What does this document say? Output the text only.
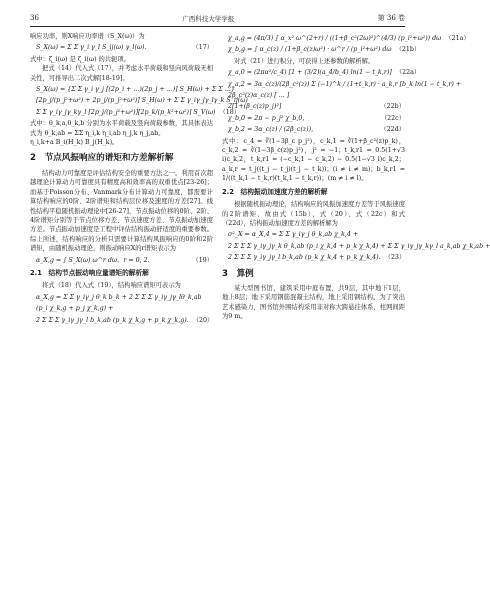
36	广西科技大学学报	第 36 卷

响应功率，则X响应功率谱（S_X(ω)）为

S_X(ω) = Σ Σ γ_i γ_l S_ij(ω) γ_l(ω).	（17）

式中：ζ_i(ω) 是 ζ_i(ω) 的共轭项。

把式（14）代入式（17），并考虑水平荷载和竖向风荷载无相关性，可推导出二次式解[18-19]。

S_X(ω) = {Σ Σ γ_i γ_j [(2p_i + ...)(2p_j + ...)] S_H(ω) + Σ Σ ...}
[2p_j/(p_j²+ω²) + 2p_j/(p_j²+ω²)] S_H(ω) + Σ Σ γ_iγ_jγ_lγ_k S_ij(ω)
Σ Σ γ_iγ_jγ_kγ_l [2p_j/(p_j²+ω²)][2p_k/(p_k²+ω²)] S_V(ω) （18）

式中：θ_k,a,θ_k,b 分别为水平荷载及竖向荷载参数，其具体表达式为 θ_k,ab = ΣΣ η_i,k η_i,ab η_j,k η_j,ab。

η_i,k+a B_i(H_k) B_j(H_k)。

2　节点风振响应的谱矩和方差解析解

结构动力可靠度是评估结构安全的重要方法之一。利用首次超越理论计算动力可靠度具有精度高和效率高的双重优点[23-26]；而基于Poisson分布、Vanmark分布计算动力可靠度，都需要计算结构响应的0阶、2阶谱矩和结构层位移及速度的方差[27]。线性结构平稳随机振动理论中[26-27]，节点振动位移的0阶、2阶、4阶谱矩分别等于节点位移方差、节点速度方差、节点振动加速度方差。节点振动加速度是工程中评估结构振动舒适度的重要参数。综上所述，结构响应的分析只需要计算结构风振响应的0阶和2阶谱矩，由随机振动理论，则振动响应X的r谱矩表示为

α_X,g = ∫ S_X(ω) ω^r dω，r = 0, 2.	（19）
2.1　结构节点振动响应量谱矩的解析解

将式（18）代入式（19），结构响应谱矩可表示为

α_X,g = Σ Σ γ_iγ_j θ_k b_k + 2 Σ Σ Σ γ_iγ_jγ_lθ_k,ab
(p_i χ_k,g + p_j χ_k,g) +
2 Σ Σ Σ γ_iγ_jγ_l b_k,ab (p_k χ_k,g + p_k χ_k,g). （20）
χ_a,g = (4π/3) ∫ α_x² ω^(2+r) / ((1+β_c²(2ω)²)^(4/3) (p_i²+ω²)) dω （21a）
χ_b,g = ∫ α_c(z) / (1+β_c(z)ω²) · ω^r / (p_i²+ω²) dω （21b）

对式（21）进行积分，可获得上述参数的解析解。

χ_a,0 = (2πα²/c_4) [1 + (3/2)(a_4/b_4) ln(1 − t_k,r)] （22a）
χ_a,2 = 3α_c(z)/(2β_c²(z)) Σ (−1)^k / (1+t_k,r) · a_k,r [b_k ln(1 − t_k,r) +
2β_c²(z)α_c(z) [ ... ]
2[1+(β_c(z)p_j)²]	（22b）
χ_b,0 = 2π − p_j² χ_b,0，	（22c）
χ_b,2 = 3α_c(z) / (2β_c(z))，	（22d）

式中：c_4 = ∛(1−3β_c p_j²)，c_k,1 = ∛(1+β_c²(z)p_k)，c_k,2 = ∛(1−3β_c(z)p_j²)，j² = −1；t_k,r1 = 0.5(1+√3 i)c_k,2，t_k,r1 = (−c_k,1 − c_k,2) − 0.5(1−√3 i)c_k,2；a_k,r = t_j((t_j − t_j)(t_j − t_k))；(i ≠ i ≠ m)；b_k,r1 = 1/((t_k,1 − t_k,r)(t_k,1 − t_k,r))；(m ≠ i ≠ l)。

2.2　结构振动加速度方差的解析解

根据随机振动理论，结构响应的风振加速度方差等于风振速度的2阶谱矩，故由式（15b），式（20）、式（22c）和式（22d），结构振动加速度方差的解析解为

σ²_X = α_X,4 = Σ Σ γ_iγ_j θ_k,ab χ_k,4 +
2 Σ Σ Σ γ_iγ_jγ_k θ_k,ab (p_i χ_k,4 + p_k χ_k,4) + Σ Σ γ_iγ_jγ_kγ_l a_k,ab χ_k,ab +
2 Σ Σ Σ γ_iγ_jγ_l b_k,ab (p_k χ_k,4 + p_k χ_k,4). （23）
3　算例

某大型图书馆，建筑采用中庭布置，共9层，其中地下1层，地上8层；地下采用钢筋混凝土结构，地上采用钢结构。为了突出艺术感染力，图书馆外围结构采用非对称大跨悬挂体系，柱网间距为9 m。
